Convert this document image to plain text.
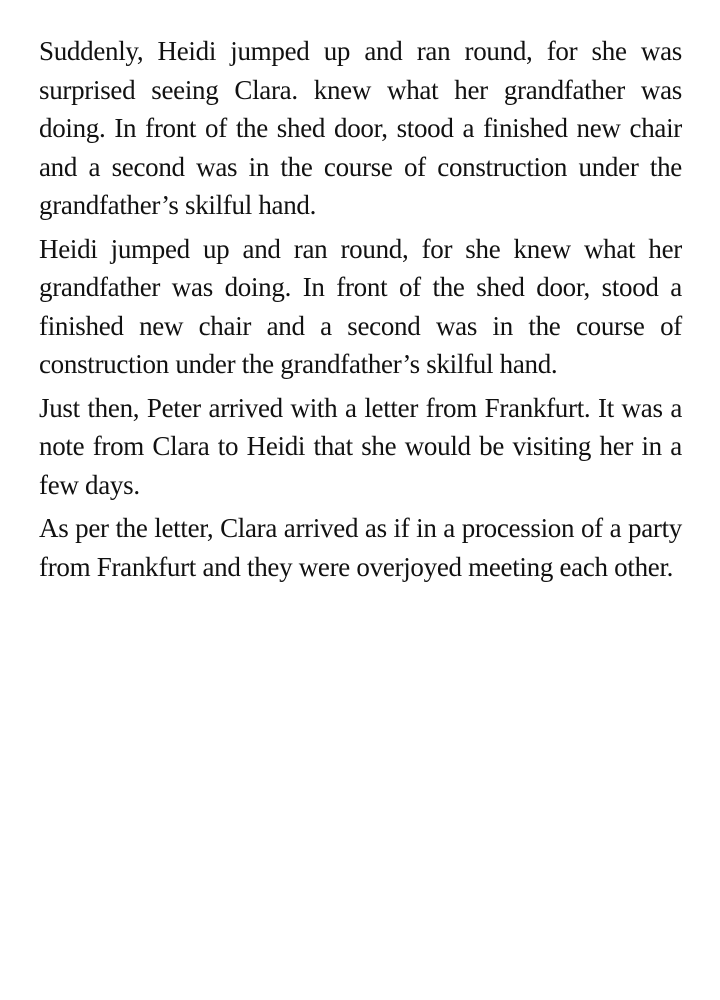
Suddenly, Heidi jumped up and ran round, for she was surprised seeing Clara. knew what her grandfather was doing. In front of the shed door, stood a finished new chair and a second was in the course of construction under the grandfather’s skilful hand.

Heidi jumped up and ran round, for she knew what her grandfather was doing. In front of the shed door, stood a finished new chair and a second was in the course of construction under the grandfather’s skilful hand.

Just then, Peter arrived with a letter from Frankfurt. It was a note from Clara to Heidi that she would be visiting her in a few days.

As per the letter, Clara arrived as if in a procession of a party from Frankfurt and they were overjoyed meeting each other.
